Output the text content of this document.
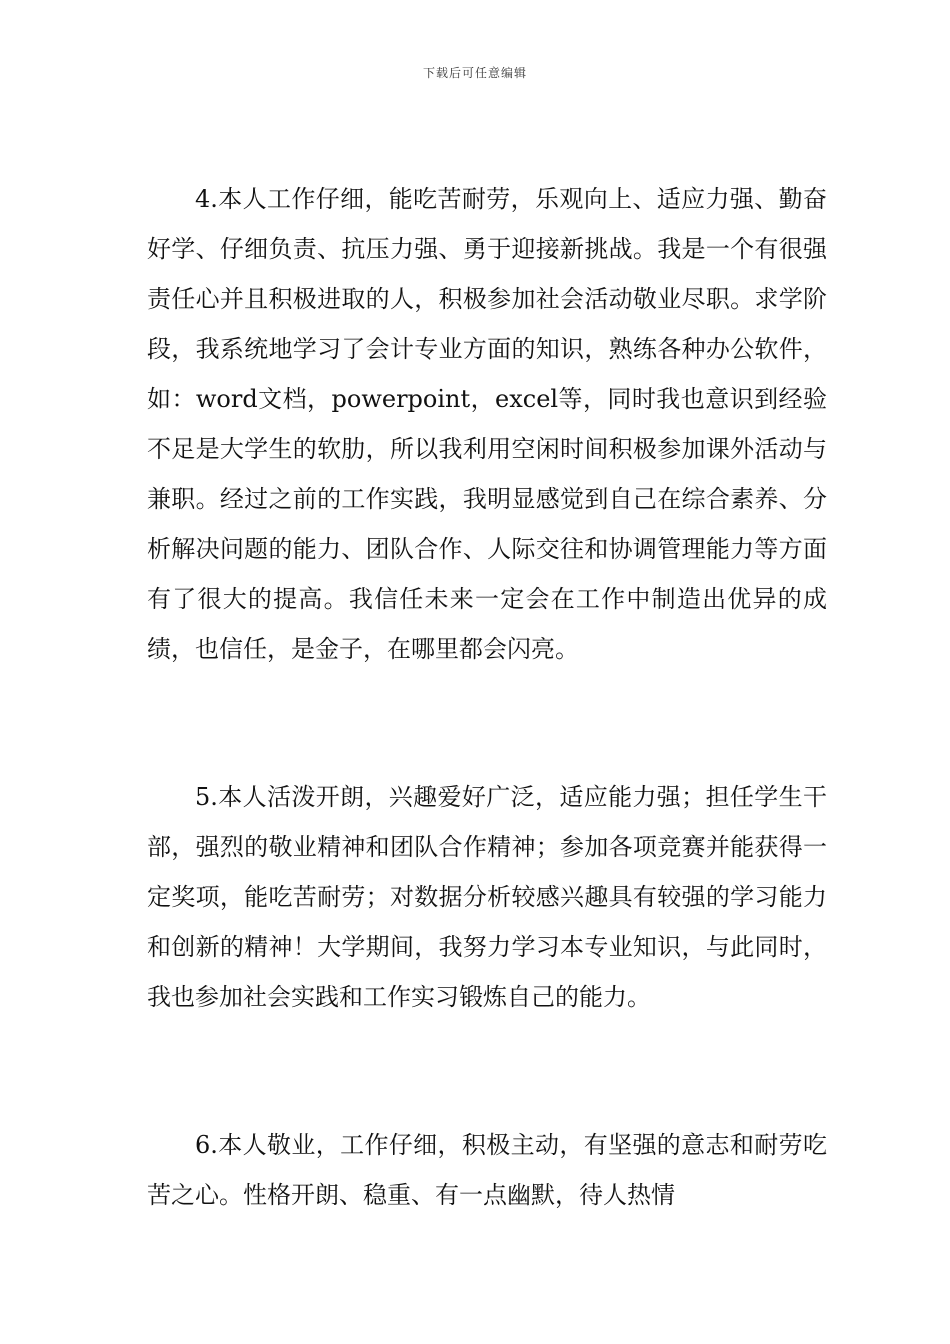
下载后可任意编辑

4.本人工作仔细，能吃苦耐劳，乐观向上、适应力强、勤奋好学、仔细负责、抗压力强、勇于迎接新挑战。我是一个有很强责任心并且积极进取的人，积极参加社会活动敬业尽职。求学阶段，我系统地学习了会计专业方面的知识，熟练各种办公软件，如：word文档，powerpoint，excel等，同时我也意识到经验不足是大学生的软肋，所以我利用空闲时间积极参加课外活动与兼职。经过之前的工作实践，我明显感觉到自己在综合素养、分析解决问题的能力、团队合作、人际交往和协调管理能力等方面有了很大的提高。我信任未来一定会在工作中制造出优异的成绩，也信任，是金子，在哪里都会闪亮。

5.本人活泼开朗，兴趣爱好广泛，适应能力强；担任学生干部，强烈的敬业精神和团队合作精神；参加各项竞赛并能获得一定奖项，能吃苦耐劳；对数据分析较感兴趣具有较强的学习能力和创新的精神！大学期间，我努力学习本专业知识，与此同时，我也参加社会实践和工作实习锻炼自己的能力。

6.本人敬业，工作仔细，积极主动，有坚强的意志和耐劳吃苦之心。性格开朗、稳重、有一点幽默，待人热情
